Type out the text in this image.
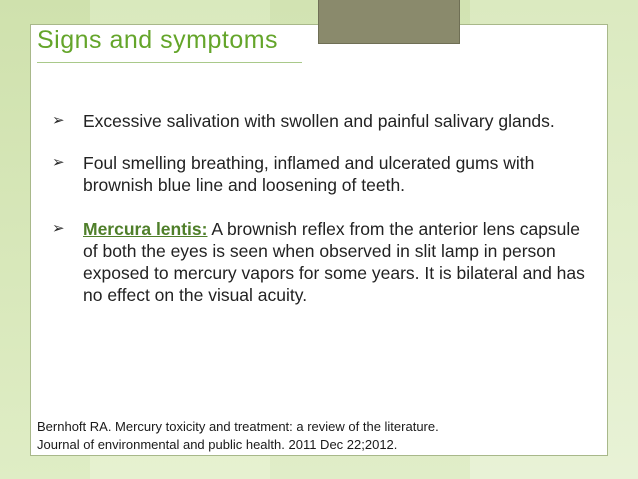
Signs and symptoms
➢ Excessive salivation with swollen and painful salivary glands.
➢ Foul smelling breathing, inflamed and ulcerated gums with brownish blue line and loosening of teeth.
➢ Mercura lentis: A brownish reflex from the anterior lens capsule of both the eyes is seen when observed in slit lamp in person exposed to mercury vapors for some years. It is bilateral and has no effect on the visual acuity.
Bernhoft RA. Mercury toxicity and treatment: a review of the literature.
Journal of environmental and public health. 2011 Dec 22;2012.
